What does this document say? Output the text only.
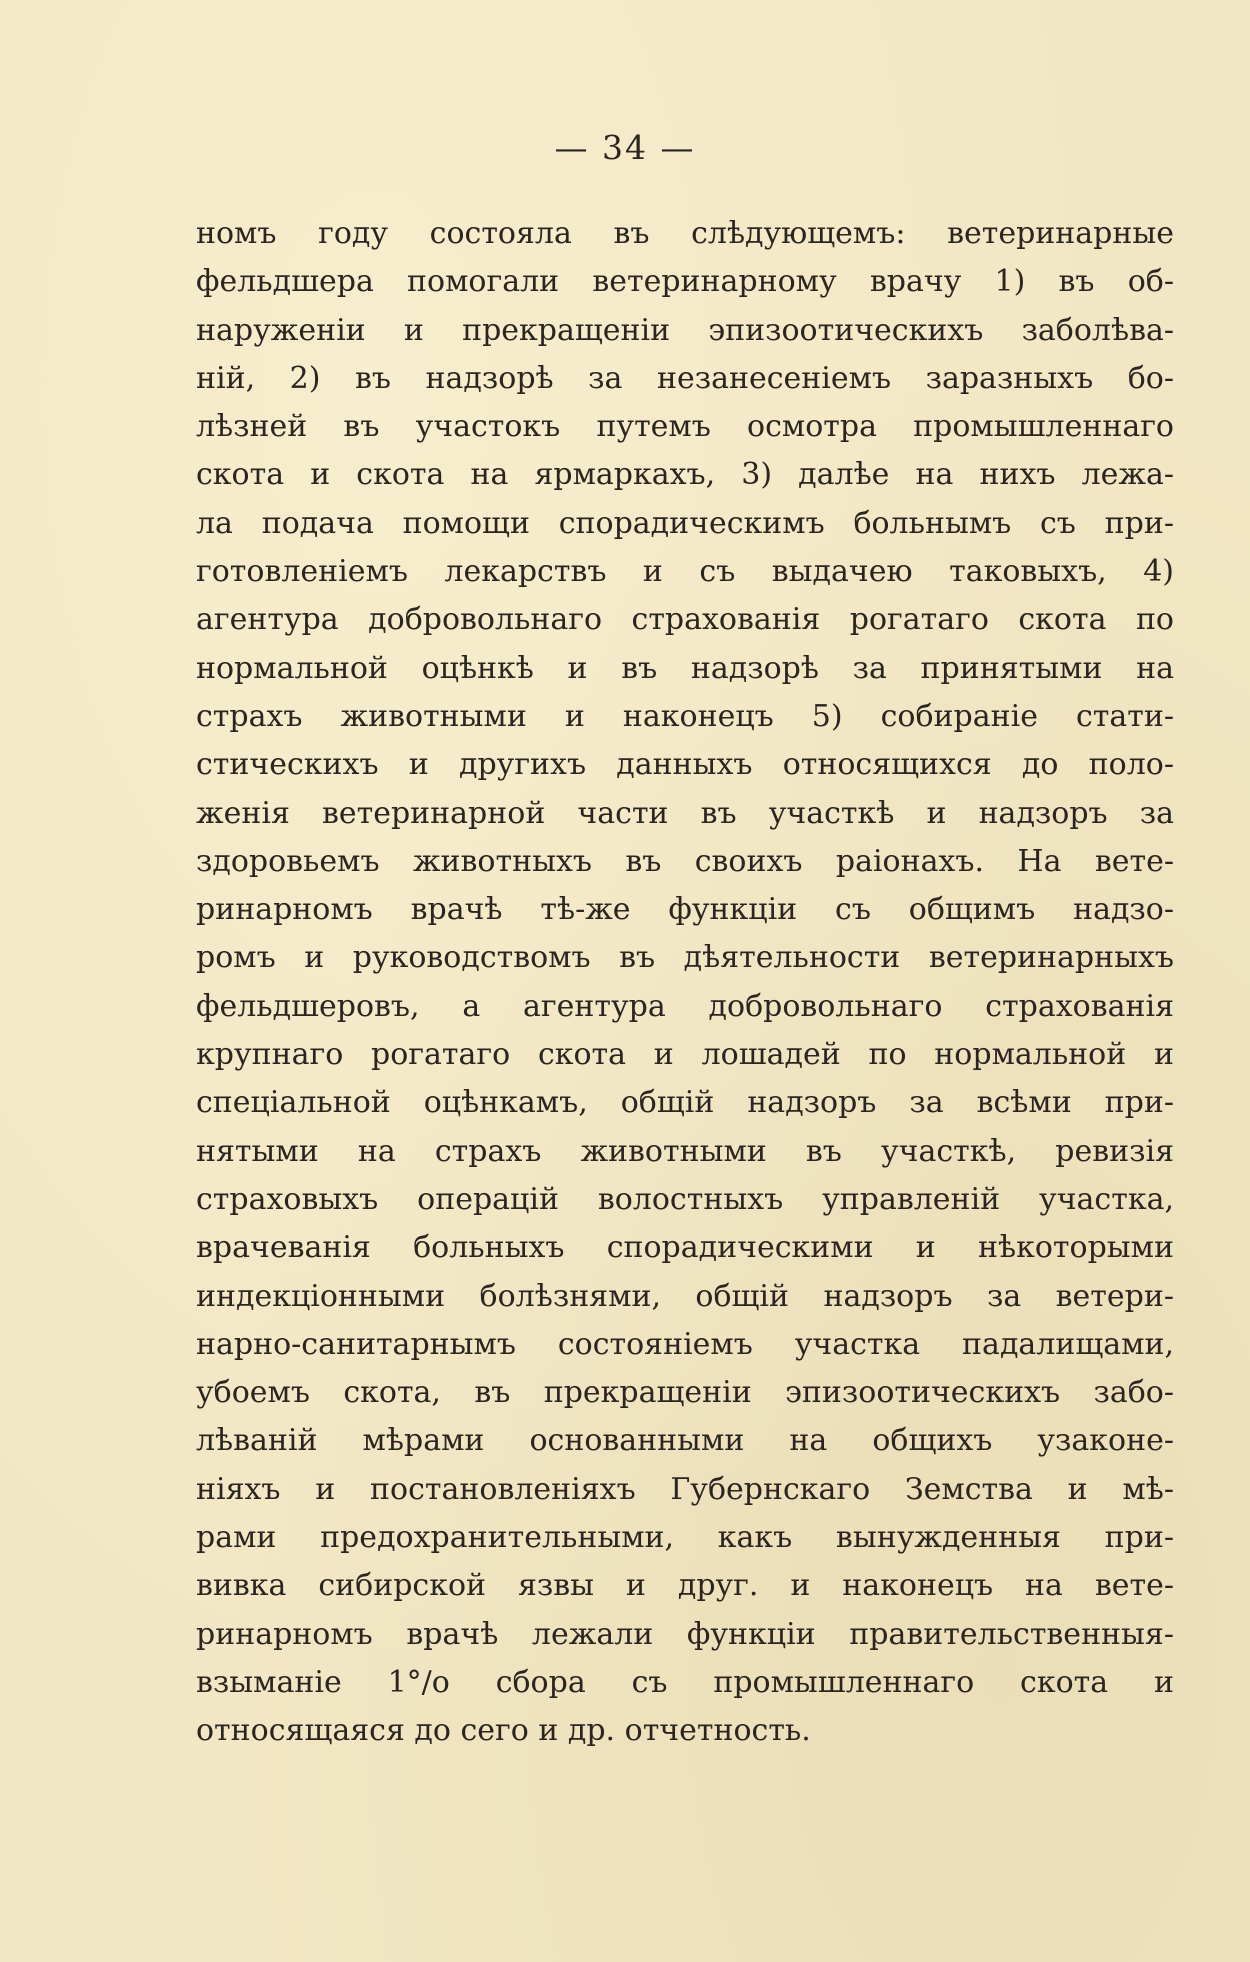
— 34 —
номъ году состояла въ слѣдующемъ: ветеринарные
фельдшера помогали ветеринарному врачу 1) въ об-
наруженіи и прекращеніи эпизоотическихъ заболѣва-
ній, 2) въ надзорѣ за незанесеніемъ заразныхъ бо-
лѣзней въ участокъ путемъ осмотра промышленнаго
скота и скота на ярмаркахъ, 3) далѣе на нихъ лежа-
ла подача помощи спорадическимъ больнымъ съ при-
готовленіемъ лекарствъ и съ выдачею таковыхъ, 4)
агентура добровольнаго страхованія рогатаго скота по
нормальной оцѣнкѣ и въ надзорѣ за принятыми на
страхъ животными и наконецъ 5) собираніе стати-
стическихъ и другихъ данныхъ относящихся до поло-
женія ветеринарной части въ участкѣ и надзоръ за
здоровьемъ животныхъ въ своихъ раіонахъ. На вете-
ринарномъ врачѣ тѣ-же функціи съ общимъ надзо-
ромъ и руководствомъ въ дѣятельности ветеринарныхъ
фельдшеровъ, а агентура добровольнаго страхованія
крупнаго рогатаго скота и лошадей по нормальной и
спеціальной оцѣнкамъ, общій надзоръ за всѣми при-
нятыми на страхъ животными въ участкѣ, ревизія
страховыхъ операцій волостныхъ управленій участка,
врачеванія больныхъ спорадическими и нѣкоторыми
индекціонными болѣзнями, общій надзоръ за ветери-
нарно-санитарнымъ состояніемъ участка падалищами,
убоемъ скота, въ прекращеніи эпизоотическихъ забо-
лѣваній мѣрами основанными на общихъ узаконе-
ніяхъ и постановленіяхъ Губернскаго Земства и мѣ-
рами предохранительными, какъ вынужденныя при-
вивка сибирской язвы и друг. и наконецъ на вете-
ринарномъ врачѣ лежали функціи правительственныя-
взыманіе 1°/о сбора съ промышленнаго скота и
относящаяся до сего и др. отчетность.
